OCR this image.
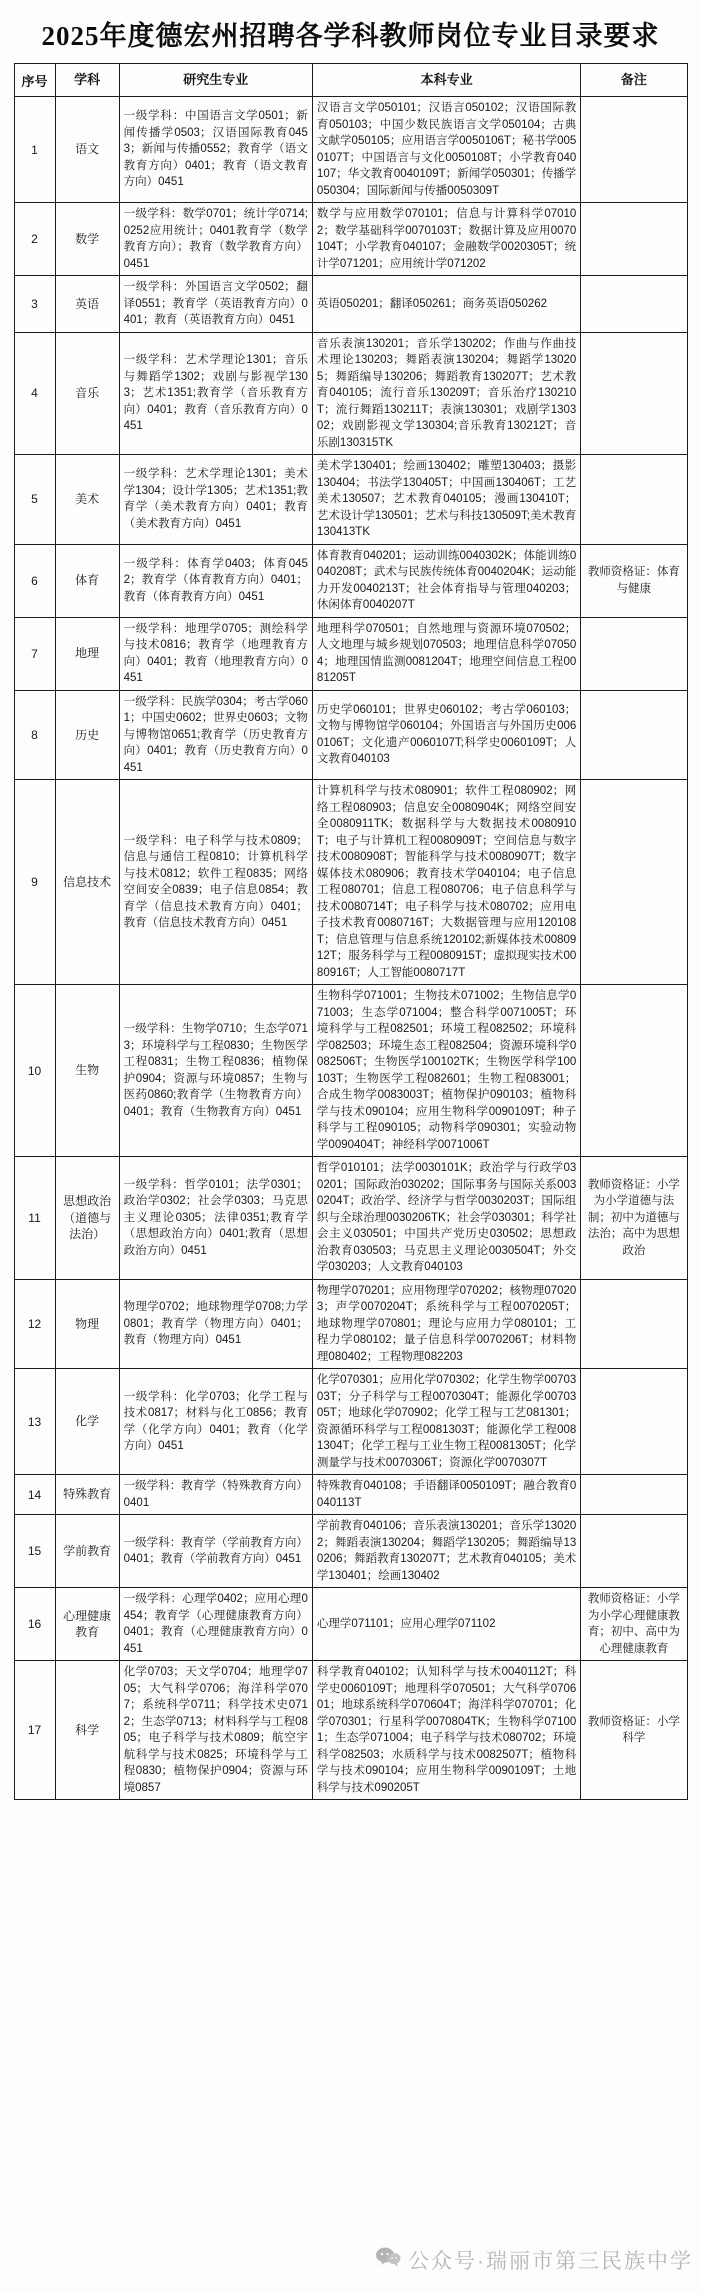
2025年度德宏州招聘各学科教师岗位专业目录要求
序号	学科	研究生专业	本科专业	备注
1	语文	一级学科：中国语言文学0501；新闻传播学0503；汉语国际教育0453；新闻与传播0552；教育学（语文教育方向）0401；教育（语文教育方向）0451	汉语言文学050101；汉语言050102；汉语国际教育050103；中国少数民族语言文学050104；古典文献学050105；应用语言学0050106T；秘书学0050107T；中国语言与文化0050108T；小学教育040107；华文教育0040109T；新闻学050301；传播学050304；国际新闻与传播0050309T	
2	数学	一级学科：数学0701；统计学0714;0252应用统计；0401教育学（数学教育方向）；教育（数学教育方向）0451	数学与应用数学070101；信息与计算科学070102；数学基础科学0070103T；数据计算及应用0070104T；小学教育040107；金融数学0020305T；统计学071201；应用统计学071202	
3	英语	一级学科：外国语言文学0502；翻译0551；教育学（英语教育方向）0401；教育（英语教育方向）0451	英语050201；翻译050261；商务英语050262	
4	音乐	一级学科：艺术学理论1301；音乐与舞蹈学1302；戏剧与影视学1303；艺术1351;教育学（音乐教育方向）0401；教育（音乐教育方向）0451	音乐表演130201；音乐学130202；作曲与作曲技术理论130203；舞蹈表演130204；舞蹈学130205；舞蹈编导130206；舞蹈教育130207T；艺术教育040105；流行音乐130209T；音乐治疗130210T；流行舞蹈130211T；表演130301；戏剧学130302；戏剧影视文学130304;音乐教育130212T；音乐剧130315TK	
5	美术	一级学科：艺术学理论1301；美术学1304；设计学1305；艺术1351;教育学（美术教育方向）0401；教育（美术教育方向）0451	美术学130401；绘画130402；雕塑130403；摄影130404；书法学130405T；中国画130406T；工艺美术130507；艺术教育040105；漫画130410T；艺术设计学130501；艺术与科技130509T;美术教育130413TK	
6	体育	一级学科：体育学0403；体育0452；教育学（体育教育方向）0401；教育（体育教育方向）0451	体育教育040201；运动训练0040302K；体能训练0040208T；武术与民族传统体育0040204K；运动能力开发0040213T；社会体育指导与管理040203；休闲体育0040207T	教师资格证：体育与健康
7	地理	一级学科：地理学0705；测绘科学与技术0816；教育学（地理教育方向）0401；教育（地理教育方向）0451	地理科学070501；自然地理与资源环境070502；人文地理与城乡规划070503；地理信息科学070504；地理国情监测0081204T；地理空间信息工程0081205T	
8	历史	一级学科：民族学0304；考古学0601；中国史0602；世界史0603；文物与博物馆0651;教育学（历史教育方向）0401；教育（历史教育方向）0451	历史学060101；世界史060102；考古学060103；文物与博物馆学060104；外国语言与外国历史0060106T；文化遗产0060107T;科学史0060109T；人文教育040103	
9	信息技术	一级学科：电子科学与技术0809；信息与通信工程0810；计算机科学与技术0812；软件工程0835；网络空间安全0839；电子信息0854；教育学（信息技术教育方向）0401；教育（信息技术教育方向）0451	计算机科学与技术080901；软件工程080902；网络工程080903；信息安全0080904K；网络空间安全0080911TK；数据科学与大数据技术0080910T；电子与计算机工程0080909T；空间信息与数字技术0080908T；智能科学与技术0080907T；数字媒体技术080906；教育技术学040104；电子信息工程080701；信息工程080706；电子信息科学与技术0080714T；电子科学与技术080702；应用电子技术教育0080716T；大数据管理与应用120108T；信息管理与信息系统120102;新媒体技术0080912T；服务科学与工程0080915T；虚拟现实技术0080916T；人工智能0080717T	
10	生物	一级学科：生物学0710；生态学0713；环境科学与工程0830；生物医学工程0831；生物工程0836；植物保护0904；资源与环境0857；生物与医药0860;教育学（生物教育方向）0401；教育（生物教育方向）0451	生物科学071001；生物技术071002；生物信息学071003；生态学071004；整合科学0071005T；环境科学与工程082501；环境工程082502；环境科学082503；环境生态工程082504；资源环境科学0082506T；生物医学100102TK；生物医学科学100103T；生物医学工程082601；生物工程083001；合成生物学0083003T；植物保护090103；植物科学与技术090104；应用生物科学0090109T；种子科学与工程090105；动物科学090301；实验动物学0090404T；神经科学0071006T	
11	思想政治（道德与法治）	一级学科：哲学0101；法学0301；政治学0302；社会学0303；马克思主义理论0305；法律0351;教育学（思想政治方向）0401;教育（思想政治方向）0451	哲学010101；法学0030101K；政治学与行政学030201；国际政治030202；国际事务与国际关系0030204T；政治学、经济学与哲学0030203T；国际组织与全球治理0030206TK；社会学030301；科学社会主义030501；中国共产党历史030502；思想政治教育030503；马克思主义理论0030504T；外交学030203；人文教育040103	教师资格证：小学为小学道德与法制；初中为道德与法治；高中为思想政治
12	物理	物理学0702；地球物理学0708;力学0801；教育学（物理方向）0401；教育（物理方向）0451	物理学070201；应用物理学070202；核物理070203；声学0070204T；系统科学与工程0070205T；地球物理学070801；理论与应用力学080101；工程力学080102；量子信息科学0070206T；材料物理080402；工程物理082203	
13	化学	一级学科：化学0703；化学工程与技术0817；材料与化工0856；教育学（化学方向）0401；教育（化学方向）0451	化学070301；应用化学070302；化学生物学0070303T；分子科学与工程0070304T；能源化学0070305T；地球化学070902；化学工程与工艺081301；资源循环科学与工程0081303T；能源化学工程0081304T；化学工程与工业生物工程0081305T；化学测量学与技术0070306T；资源化学0070307T	
14	特殊教育	一级学科：教育学（特殊教育方向）0401	特殊教育040108；手语翻译0050109T；融合教育0040113T	
15	学前教育	一级学科：教育学（学前教育方向）0401；教育（学前教育方向）0451	学前教育040106；音乐表演130201；音乐学130202；舞蹈表演130204；舞蹈学130205；舞蹈编导130206；舞蹈教育130207T；艺术教育040105；美术学130401；绘画130402	
16	心理健康教育	一级学科：心理学0402；应用心理0454；教育学（心理健康教育方向）0401；教育（心理健康教育方向）0451	心理学071101；应用心理学071102	教师资格证：小学为小学心理健康教育；初中、高中为心理健康教育
17	科学	化学0703；天文学0704；地理学0705；大气科学0706；海洋科学0707；系统科学0711；科学技术史0712；生态学0713；材料科学与工程0805；电子科学与技术0809；航空宇航科学与技术0825；环境科学与工程0830；植物保护0904；资源与环境0857	科学教育040102；认知科学与技术0040112T；科学史0060109T；地理科学070501；大气科学070601；地球系统科学070604T；海洋科学070701；化学070301；行星科学0070804TK；生物科学071001；生态学071004；电子科学与技术080702；环境科学082503；水质科学与技术0082507T；植物科学与技术090104；应用生物科学0090109T；土地科学与技术090205T	教师资格证：小学科学
公众号·瑞丽市第三民族中学
